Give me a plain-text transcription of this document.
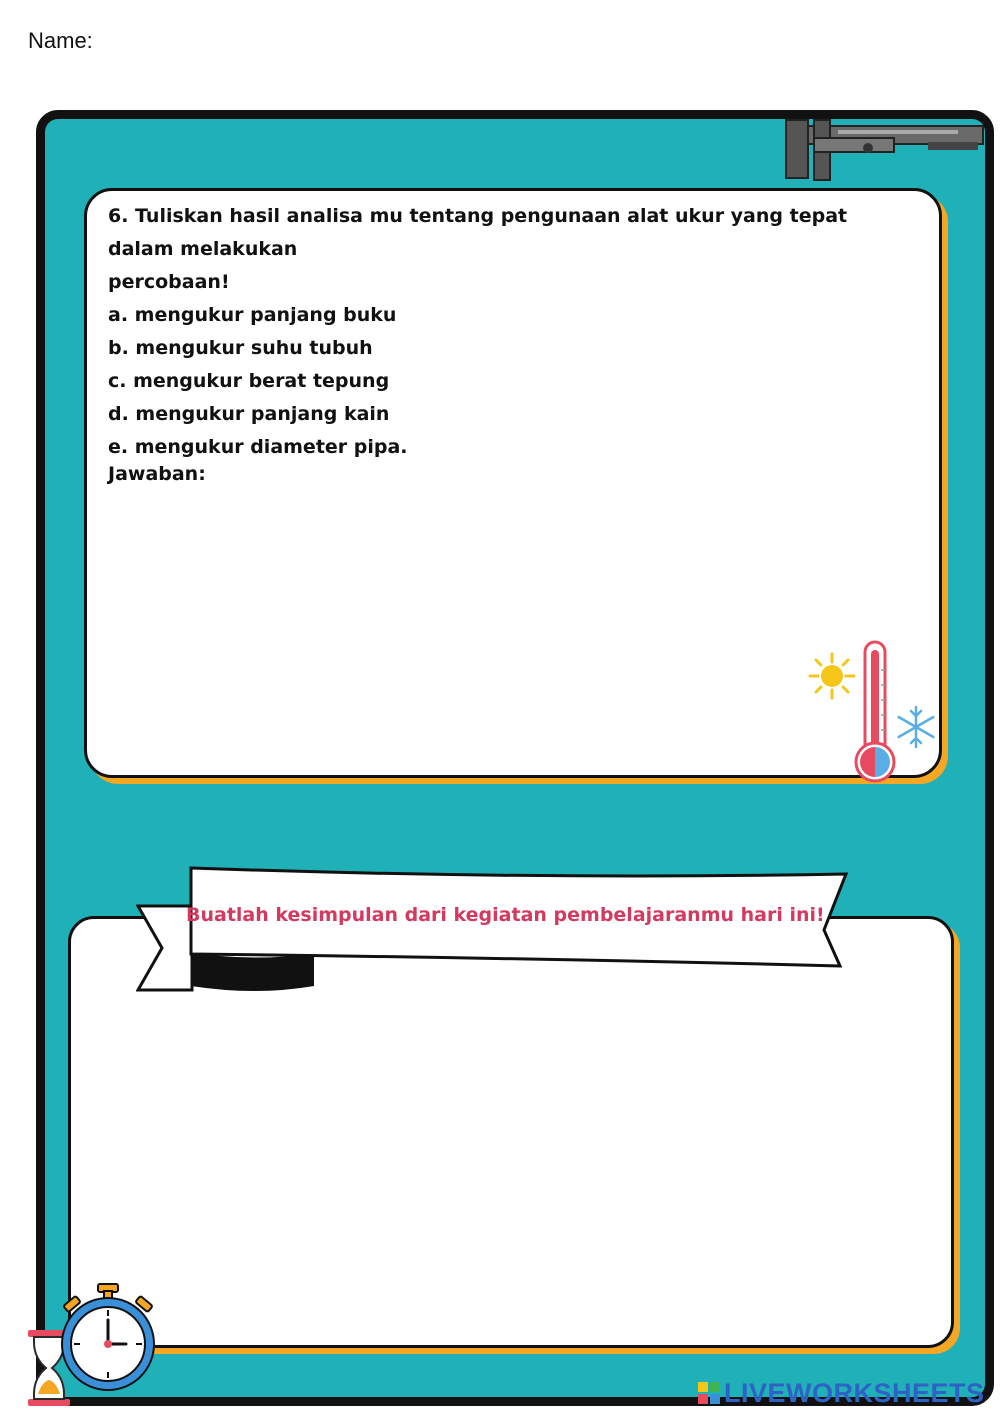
Name:
6. Tuliskan hasil analisa mu tentang pengunaan alat ukur yang tepat dalam melakukan
percobaan!
a. mengukur panjang buku
b. mengukur suhu tubuh
c. mengukur berat tepung
d. mengukur panjang kain
e. mengukur diameter pipa.
Jawaban:
Buatlah kesimpulan dari kegiatan pembelajaranmu hari ini!
LIVEWORKSHEETS
